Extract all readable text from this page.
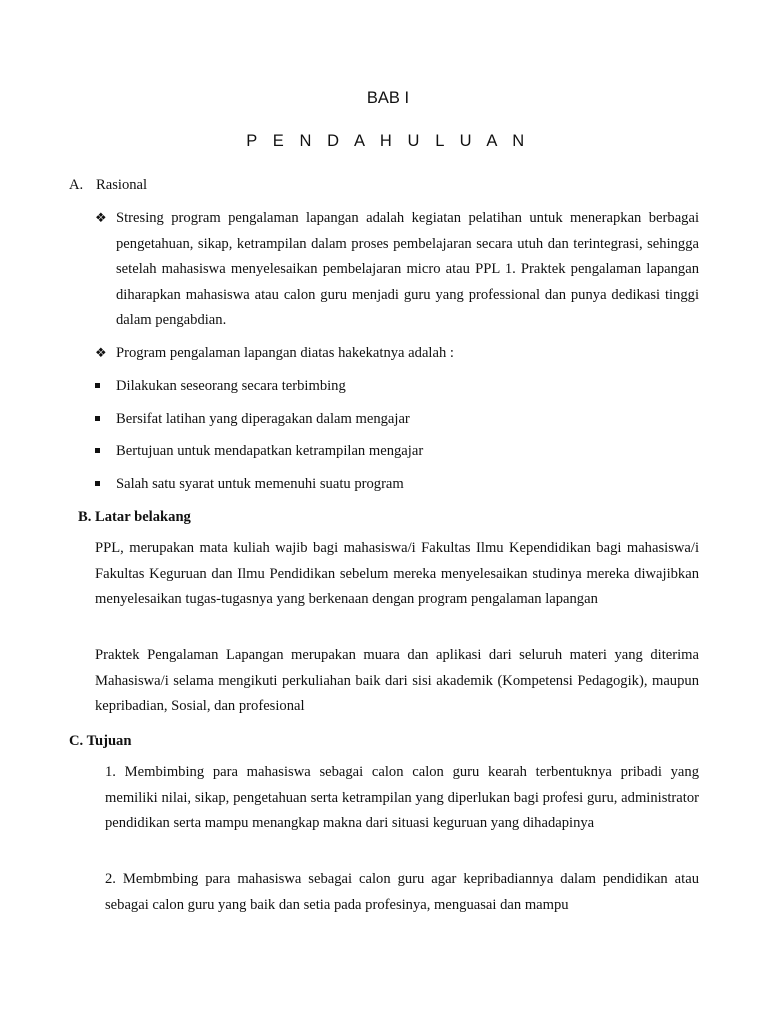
BAB I
P E N D A H U L U A N
A. Rasional
❖ Stresing program pengalaman lapangan adalah kegiatan pelatihan untuk menerapkan berbagai pengetahuan, sikap, ketrampilan dalam proses pembelajaran secara utuh dan terintegrasi, sehingga setelah mahasiswa menyelesaikan pembelajaran micro atau PPL 1. Praktek pengalaman lapangan diharapkan mahasiswa atau calon guru menjadi guru yang professional dan punya dedikasi tinggi dalam pengabdian.
❖ Program pengalaman lapangan diatas hakekatnya adalah :
Dilakukan seseorang secara terbimbing
Bersifat latihan yang diperagakan dalam mengajar
Bertujuan untuk mendapatkan ketrampilan mengajar
Salah satu syarat untuk memenuhi suatu program
B. Latar belakang
PPL, merupakan mata kuliah wajib bagi mahasiswa/i Fakultas Ilmu Kependidikan bagi mahasiswa/i Fakultas Keguruan dan Ilmu Pendidikan sebelum mereka menyelesaikan studinya mereka diwajibkan menyelesaikan tugas-tugasnya yang berkenaan dengan program pengalaman lapangan
Praktek Pengalaman Lapangan merupakan muara dan aplikasi dari seluruh materi yang diterima Mahasiswa/i selama mengikuti perkuliahan baik dari sisi akademik (Kompetensi Pedagogik), maupun kepribadian, Sosial, dan profesional
C. Tujuan
1. Membimbing para mahasiswa sebagai calon calon guru kearah terbentuknya pribadi yang memiliki nilai, sikap, pengetahuan serta ketrampilan yang diperlukan bagi profesi guru, administrator pendidikan serta mampu menangkap makna dari situasi keguruan yang dihadapinya
2. Membmbing para mahasiswa sebagai calon guru agar kepribadiannya dalam pendidikan atau sebagai calon guru yang baik dan setia pada profesinya, menguasai dan mampu
